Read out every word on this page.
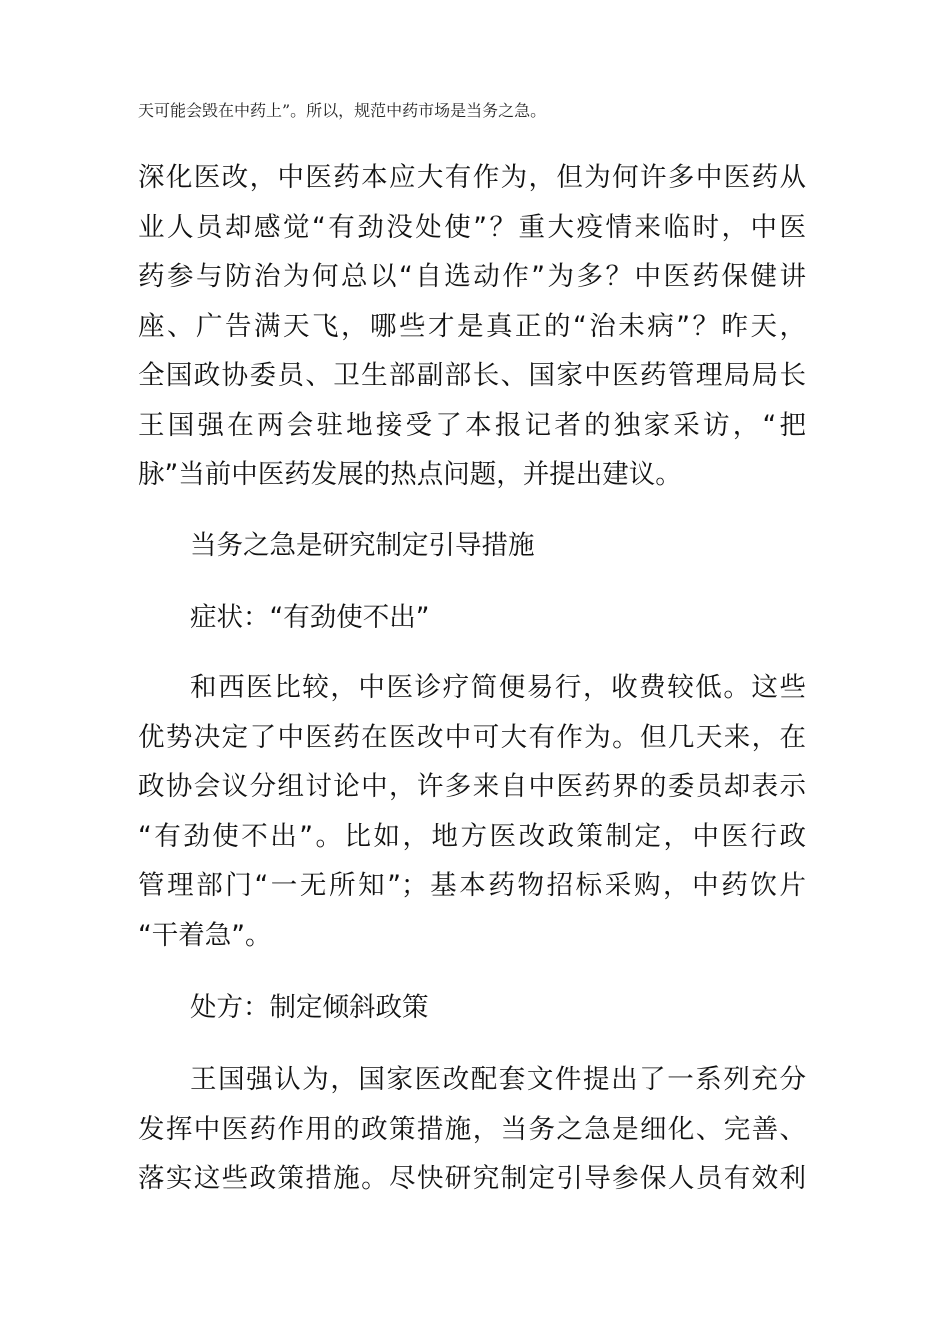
天可能会毁在中药上”。所以，规范中药市场是当务之急。
深化医改，中医药本应大有作为，但为何许多中医药从
业人员却感觉“有劲没处使”？重大疫情来临时，中医
药参与防治为何总以“自选动作”为多？中医药保健讲
座、广告满天飞，哪些才是真正的“治未病”？昨天，
全国政协委员、卫生部副部长、国家中医药管理局局长
王国强在两会驻地接受了本报记者的独家采访，“把
脉”当前中医药发展的热点问题，并提出建议。
当务之急是研究制定引导措施
症状：“有劲使不出”
和西医比较，中医诊疗简便易行，收费较低。这些
优势决定了中医药在医改中可大有作为。但几天来，在
政协会议分组讨论中，许多来自中医药界的委员却表示
“有劲使不出”。比如，地方医改政策制定，中医行政
管理部门“一无所知”；基本药物招标采购，中药饮片
“干着急”。
处方：制定倾斜政策
王国强认为，国家医改配套文件提出了一系列充分
发挥中医药作用的政策措施，当务之急是细化、完善、
落实这些政策措施。尽快研究制定引导参保人员有效利
